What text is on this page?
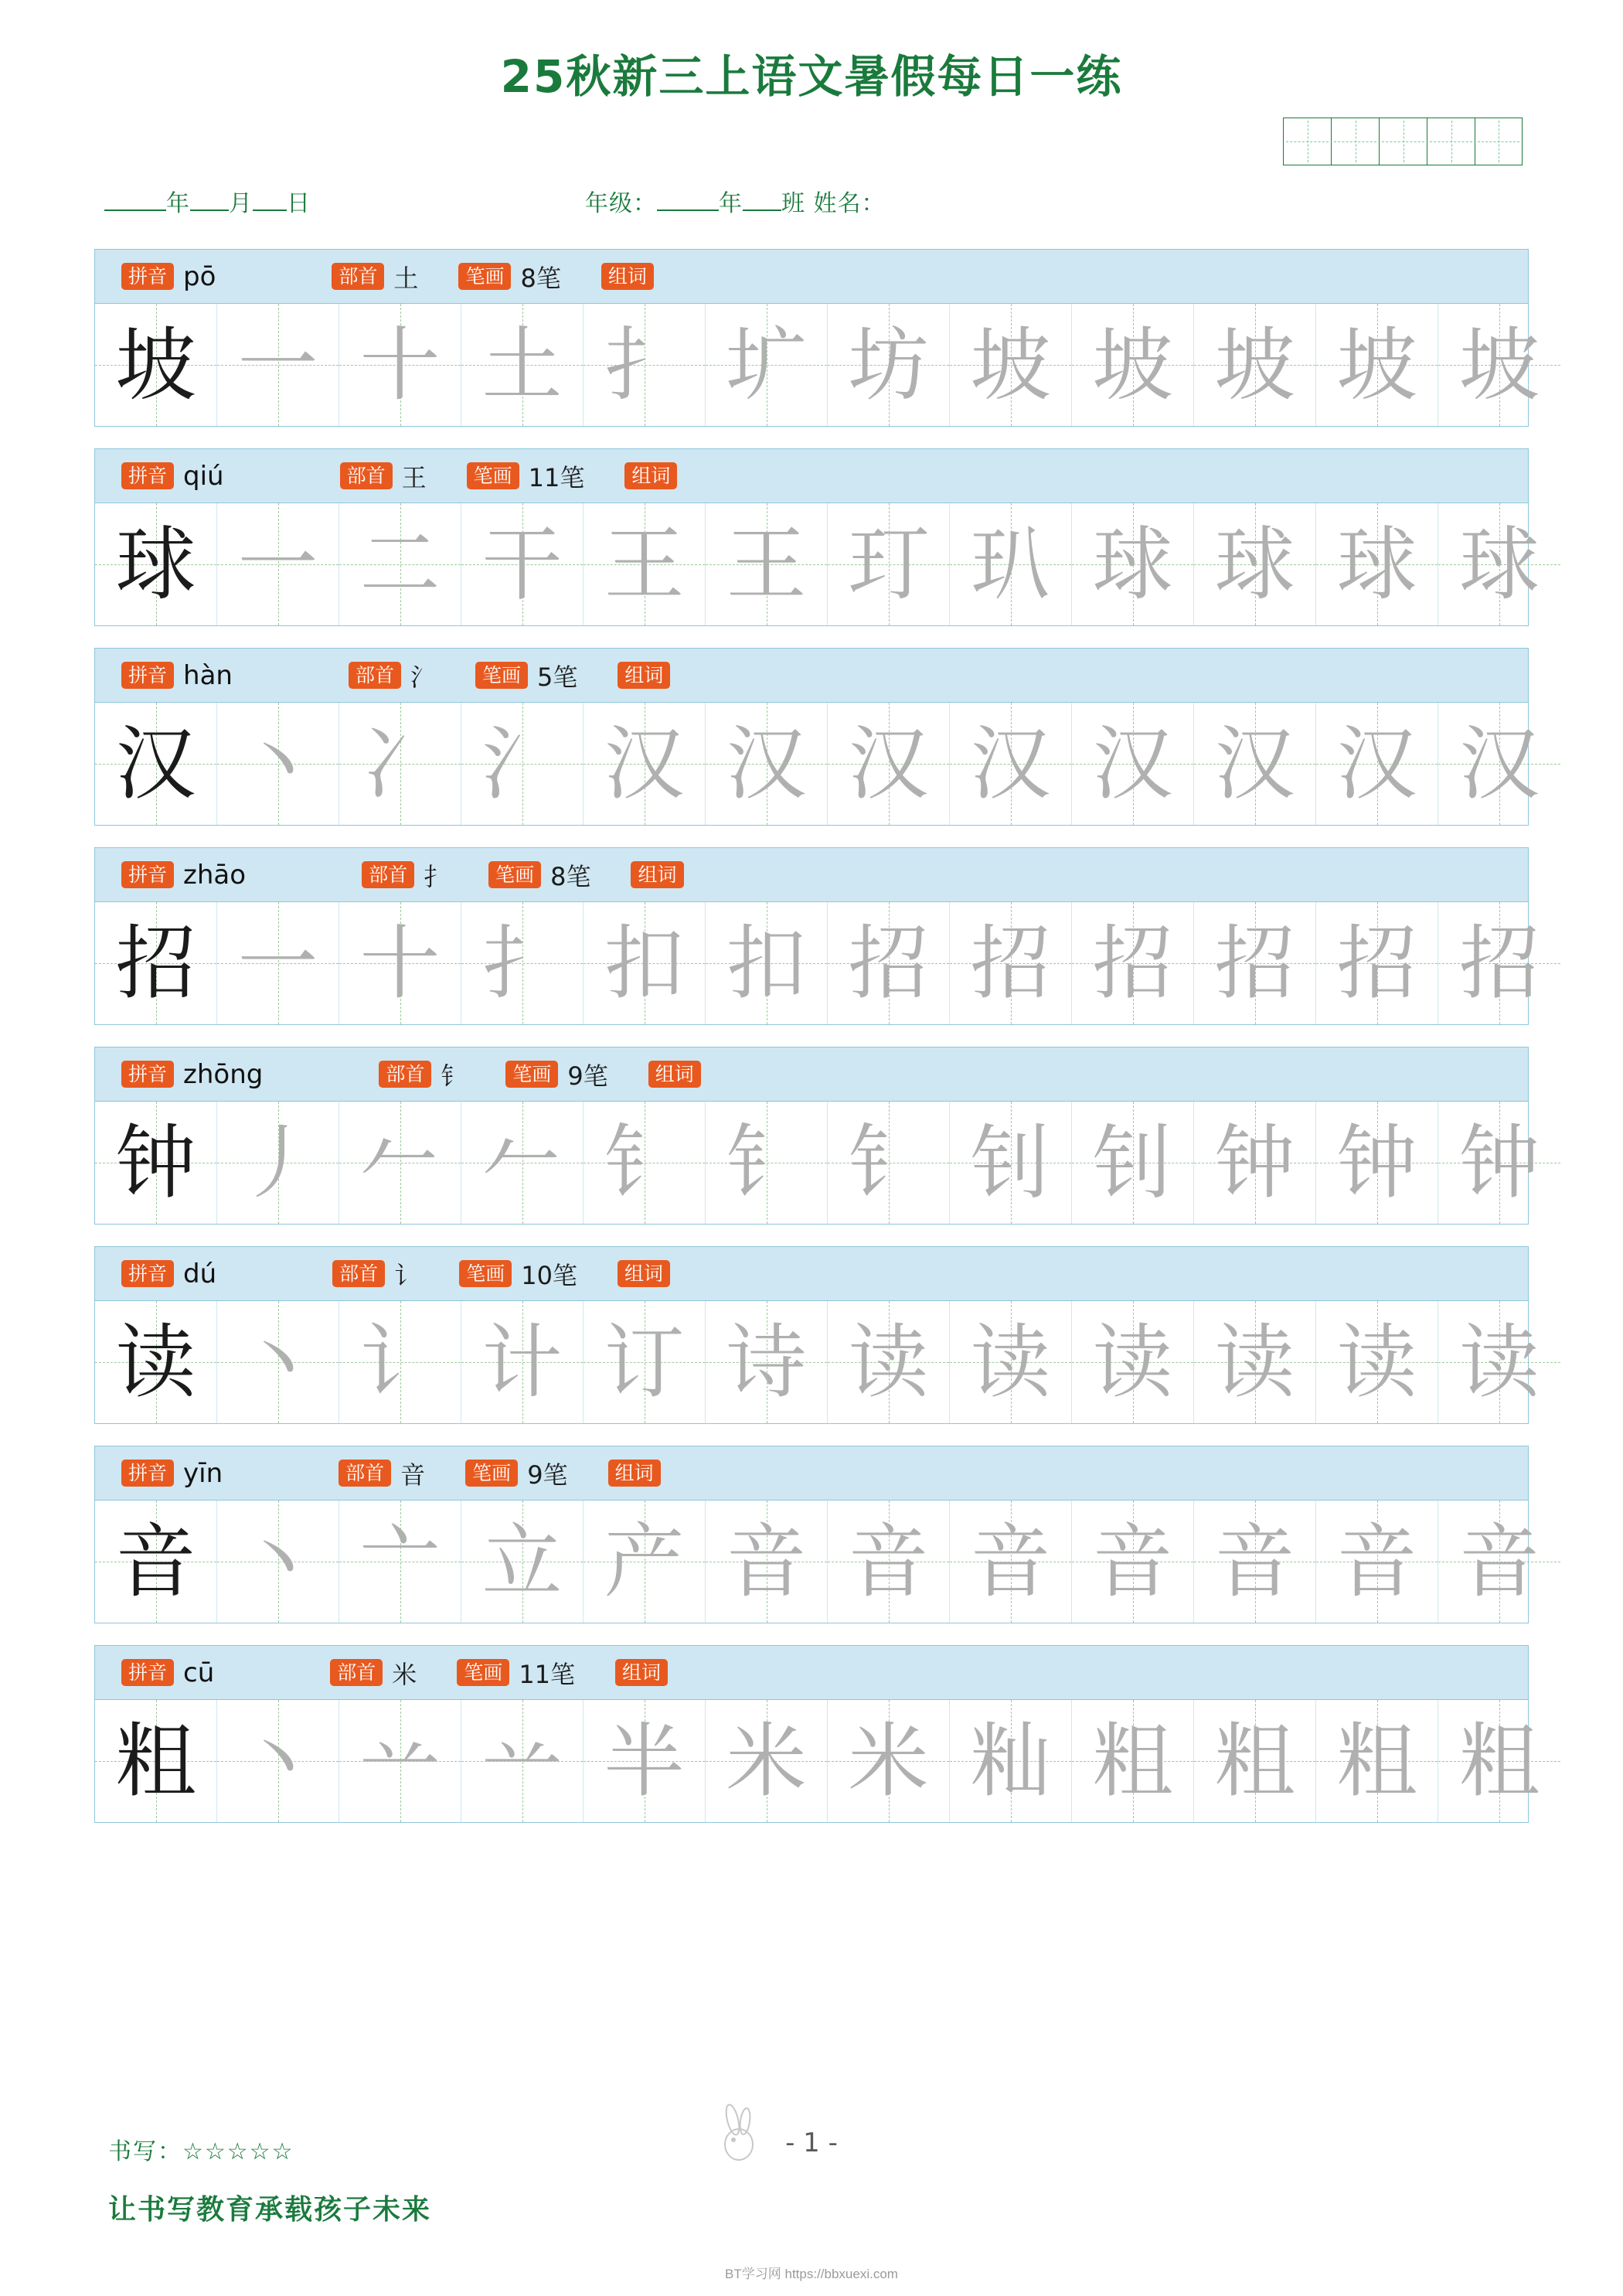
25秋新三上语文暑假每日一练
年 月 日	年级：	年 班 姓名：
拼音 pō	部首 土	笔画 8笔	组词
坡 一 十 土 扌 圹 坊 坡 坡 坡 坡 坡
拼音 qiú	部首 王	笔画 11笔	组词
球 一 二 干 王 王 玎 玐 球 球 球 球
拼音 hàn	部首 氵	笔画 5笔	组词
汉 丶 冫 氵 汉 汉 汉 汉 汉 汉 汉 汉
拼音 zhāo	部首 扌	笔画 8笔	组词
招 一 十 扌 扣 扣 招 招 招 招 招 招
拼音 zhōng	部首 钅	笔画 9笔	组词
钟 丿 𠂉 𠂉 钅 钅 钅 钊 钊 钟 钟 钟
拼音 dú	部首 讠	笔画 10笔	组词
读 丶 讠 计 订 诗 读 读 读 读 读 读
拼音 yīn	部首 音	笔画 9笔	组词
音 丶 亠 立 产 音 音 音 音 音 音 音
拼音 cū	部首 米	笔画 11笔	组词
粗 丶 䒑 䒑 半 米 米 籼 粗 粗 粗 粗
书写：☆☆☆☆☆	- 1 -
让书写教育承载孩子未来
BT学习网 https://bbxuexi.com
